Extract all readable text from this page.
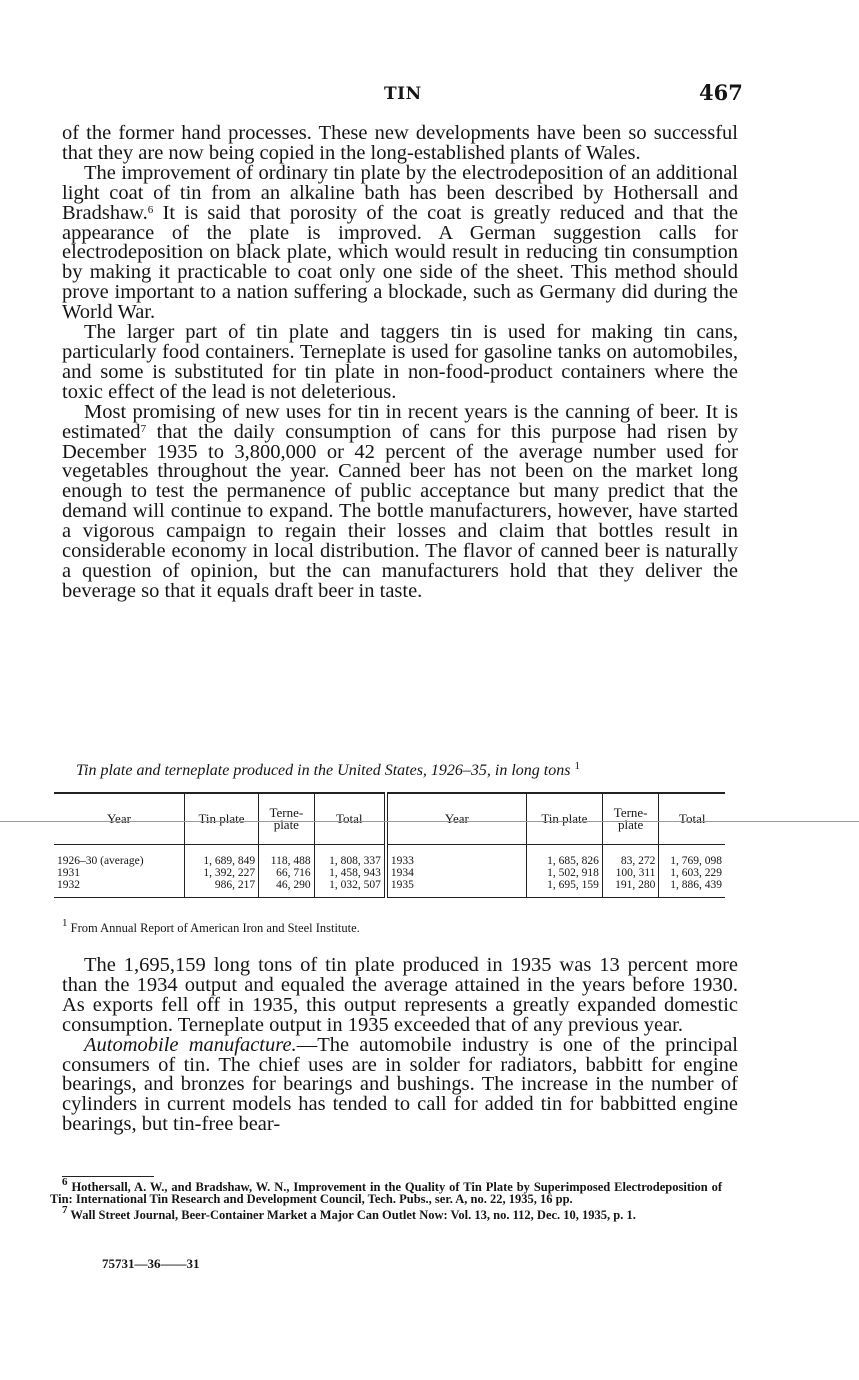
TIN	467

of the former hand processes. These new developments have been so successful that they are now being copied in the long-established plants of Wales.

The improvement of ordinary tin plate by the electrodeposition of an additional light coat of tin from an alkaline bath has been described by Hothersall and Bradshaw.$^6$ It is said that porosity of the coat is greatly reduced and that the appearance of the plate is improved. A German suggestion calls for electrodeposition on black plate, which would result in reducing tin consumption by making it practicable to coat only one side of the sheet. This method should prove important to a nation suffering a blockade, such as Germany did during the World War.

The larger part of tin plate and taggers tin is used for making tin cans, particularly food containers. Terneplate is used for gasoline tanks on automobiles, and some is substituted for tin plate in non-food-product containers where the toxic effect of the lead is not deleterious.

Most promising of new uses for tin in recent years is the canning of beer. It is estimated$^7$ that the daily consumption of cans for this purpose had risen by December 1935 to 3,800,000 or 42 percent of the average number used for vegetables throughout the year. Canned beer has not been on the market long enough to test the permanence of public acceptance but many predict that the demand will continue to expand. The bottle manufacturers, however, have started a vigorous campaign to regain their losses and claim that bottles result in considerable economy in local distribution. The flavor of canned beer is naturally a question of opinion, but the can manufacturers hold that they deliver the beverage so that it equals draft beer in taste.

Tin plate and terneplate produced in the United States, 1926–35, in long tons $^1$
Year	Tin plate	Terne-plate	Total	Year	Tin plate	Terne-plate	Total
1926–30 (average)	1, 689, 849	118, 488	1, 808, 337	1933	1, 685, 826	83, 272	1, 769, 098
1931	1, 392, 227	66, 716	1, 458, 943	1934	1, 502, 918	100, 311	1, 603, 229
1932	986, 217	46, 290	1, 032, 507	1935	1, 695, 159	191, 280	1, 886, 439
$^1$ From Annual Report of American Iron and Steel Institute.

The 1,695,159 long tons of tin plate produced in 1935 was 13 percent more than the 1934 output and equaled the average attained in the years before 1930. As exports fell off in 1935, this output represents a greatly expanded domestic consumption. Terneplate output in 1935 exceeded that of any previous year.

Automobile manufacture.—The automobile industry is one of the principal consumers of tin. The chief uses are in solder for radiators, babbitt for engine bearings, and bronzes for bearings and bushings. The increase in the number of cylinders in current models has tended to call for added tin for babbitted engine bearings, but tin-free bear-

$^6$ Hothersall, A. W., and Bradshaw, W. N., Improvement in the Quality of Tin Plate by Superimposed Electrodeposition of Tin: International Tin Research and Development Council, Tech. Pubs., ser. A, no. 22, 1935, 16 pp.

$^7$ Wall Street Journal, Beer-Container Market a Major Can Outlet Now: Vol. 13, no. 112, Dec. 10, 1935, p. 1.

75731—36——31
